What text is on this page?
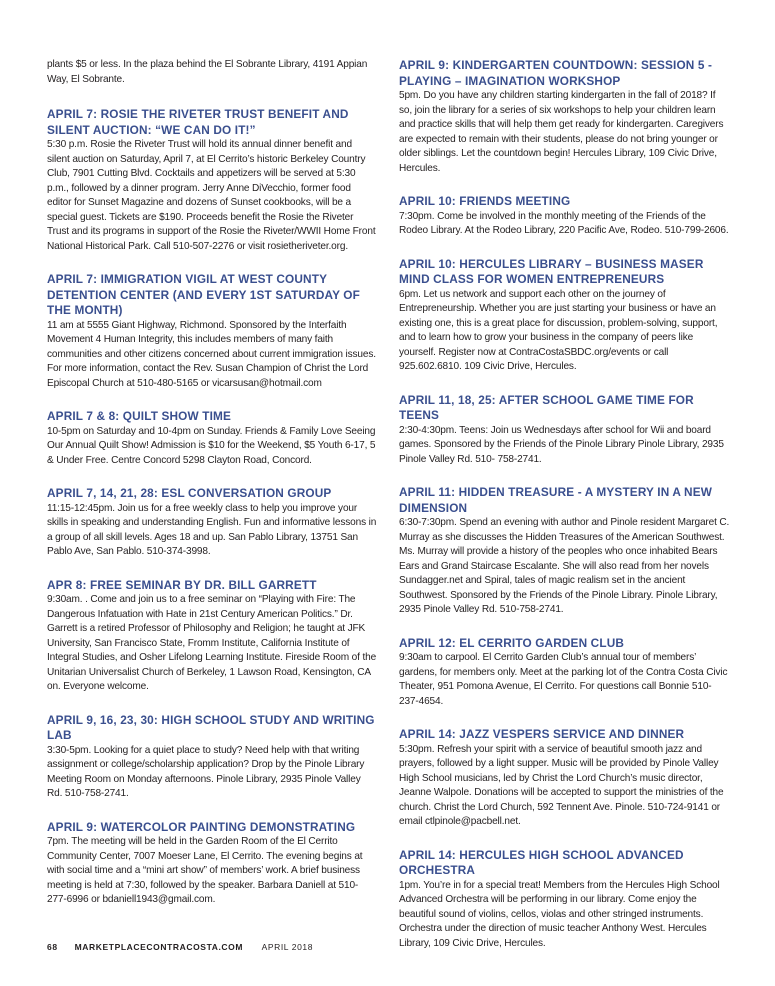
plants $5 or less. In the plaza behind the El Sobrante Library, 4191 Appian Way, El Sobrante.

APRIL 7: ROSIE THE RIVETER TRUST BENEFIT AND SILENT AUCTION: “WE CAN DO IT!”

5:30 p.m. Rosie the Riveter Trust will hold its annual dinner benefit and silent auction on Saturday, April 7, at El Cerrito’s historic Berkeley Country Club, 7901 Cutting Blvd. Cocktails and appetizers will be served at 5:30 p.m., followed by a dinner program. Jerry Anne DiVecchio, former food editor for Sunset Magazine and dozens of Sunset cookbooks, will be a special guest. Tickets are $190. Proceeds benefit the Rosie the Riveter Trust and its programs in support of the Rosie the Riveter/WWII Home Front National Historical Park. Call 510-507-2276 or visit rosietheriveter.org.

APRIL 7: IMMIGRATION VIGIL AT WEST COUNTY DETENTION CENTER (AND EVERY 1ST SATURDAY OF THE MONTH)

11 am at 5555 Giant Highway, Richmond. Sponsored by the Interfaith Movement 4 Human Integrity, this includes members of many faith communities and other citizens concerned about current immigration issues. For more information, contact the Rev. Susan Champion of Christ the Lord Episcopal Church at 510-480-5165 or vicarsusan@hotmail.com

APRIL 7 & 8: QUILT SHOW TIME

10-5pm on Saturday and 10-4pm on Sunday. Friends & Family Love Seeing Our Annual Quilt Show! Admission is $10 for the Weekend, $5 Youth 6-17, 5 & Under Free. Centre Concord 5298 Clayton Road, Concord.

APRIL 7, 14, 21, 28: ESL CONVERSATION GROUP

11:15-12:45pm. Join us for a free weekly class to help you improve your skills in speaking and understanding English. Fun and informative lessons in a group of all skill levels. Ages 18 and up. San Pablo Library, 13751 San Pablo Ave, San Pablo. 510-374-3998.

APR 8: FREE SEMINAR BY DR. BILL GARRETT

9:30am. . Come and join us to a free seminar on “Playing with Fire: The Dangerous Infatuation with Hate in 21st Century American Politics.” Dr. Garrett is a retired Professor of Philosophy and Religion; he taught at JFK University, San Francisco State, Fromm Institute, California Institute of Integral Studies, and Osher Lifelong Learning Institute. Fireside Room of the Unitarian Universalist Church of Berkeley, 1 Lawson Road, Kensington, CA on. Everyone welcome.

APRIL 9, 16, 23, 30: HIGH SCHOOL STUDY AND WRITING LAB

3:30-5pm. Looking for a quiet place to study? Need help with that writing assignment or college/scholarship application? Drop by the Pinole Library Meeting Room on Monday afternoons. Pinole Library, 2935 Pinole Valley Rd. 510-758-2741.

APRIL 9: WATERCOLOR PAINTING DEMONSTRATING

7pm. The meeting will be held in the Garden Room of the El Cerrito Community Center, 7007 Moeser Lane, El Cerrito. The evening begins at with social time and a “mini art show” of members’ work. A brief business meeting is held at 7:30, followed by the speaker. Barbara Daniell at 510-277-6996 or bdaniell1943@gmail.com.

APRIL 9: KINDERGARTEN COUNTDOWN: SESSION 5 - PLAYING – IMAGINATION WORKSHOP

5pm. Do you have any children starting kindergarten in the fall of 2018? If so, join the library for a series of six workshops to help your children learn and practice skills that will help them get ready for kindergarten. Caregivers are expected to remain with their students, please do not bring younger or older siblings. Let the countdown begin! Hercules Library, 109 Civic Drive, Hercules.

APRIL 10: FRIENDS MEETING

7:30pm. Come be involved in the monthly meeting of the Friends of the Rodeo Library. At the Rodeo Library, 220 Pacific Ave, Rodeo. 510-799-2606.

APRIL 10: HERCULES LIBRARY – BUSINESS MASER MIND CLASS FOR WOMEN ENTREPRENEURS

6pm. Let us network and support each other on the journey of Entrepreneurship. Whether you are just starting your business or have an existing one, this is a great place for discussion, problem-solving, support, and to learn how to grow your business in the company of peers like yourself. Register now at ContraCostaSBDC.org/events or call 925.602.6810. 109 Civic Drive, Hercules.

APRIL 11, 18, 25: AFTER SCHOOL GAME TIME FOR TEENS

2:30-4:30pm. Teens: Join us Wednesdays after school for Wii and board games. Sponsored by the Friends of the Pinole Library Pinole Library, 2935 Pinole Valley Rd. 510- 758-2741.

APRIL 11: HIDDEN TREASURE - A MYSTERY IN A NEW DIMENSION

6:30-7:30pm. Spend an evening with author and Pinole resident Margaret C. Murray as she discusses the Hidden Treasures of the American Southwest. Ms. Murray will provide a history of the peoples who once inhabited Bears Ears and Grand Staircase Escalante. She will also read from her novels Sundagger.net and Spiral, tales of magic realism set in the ancient Southwest. Sponsored by the Friends of the Pinole Library. Pinole Library, 2935 Pinole Valley Rd. 510-758-2741.

APRIL 12: EL CERRITO GARDEN CLUB

9:30am to carpool. El Cerrito Garden Club’s annual tour of members’ gardens, for members only. Meet at the parking lot of the Contra Costa Civic Theater, 951 Pomona Avenue, El Cerrito. For questions call Bonnie 510-237-4654.

APRIL 14: JAZZ VESPERS SERVICE AND DINNER

5:30pm. Refresh your spirit with a service of beautiful smooth jazz and prayers, followed by a light supper. Music will be provided by Pinole Valley High School musicians, led by Christ the Lord Church’s music director, Jeanne Walpole. Donations will be accepted to support the ministries of the church. Christ the Lord Church, 592 Tennent Ave. Pinole. 510-724-9141 or email ctlpinole@pacbell.net.

APRIL 14: HERCULES HIGH SCHOOL ADVANCED ORCHESTRA

1pm. You’re in for a special treat! Members from the Hercules High School Advanced Orchestra will be performing in our library. Come enjoy the beautiful sound of violins, cellos, violas and other stringed instruments. Orchestra under the direction of music teacher Anthony West. Hercules Library, 109 Civic Drive, Hercules.

68 MARKETPLACECONTRACOSTA.COM APRIL 2018
